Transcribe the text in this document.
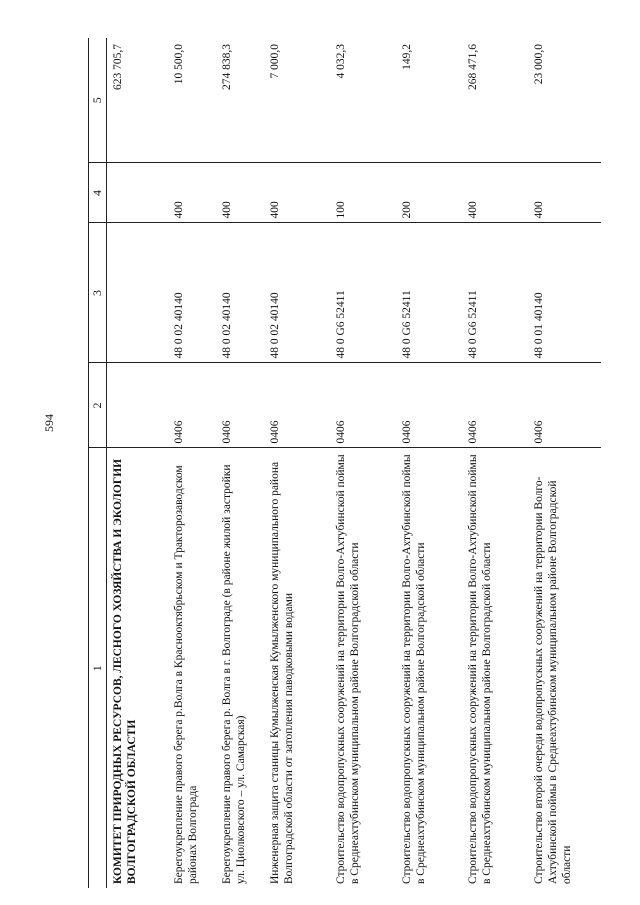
594
1	2	3	4	5
КОМИТЕТ ПРИРОДНЫХ РЕСУРСОВ, ЛЕСНОГО ХОЗЯЙСТВА И ЭКОЛОГИИ ВОЛГОГРАДСКОЙ ОБЛАСТИ				623 705,7
Берегоукрепление правого берега р.Волга в Краснооктябрьском и Тракторозаводском районах Волгограда	0406	48 0 02 40140	400	10 500,0
Берегоукрепление правого берега р. Волга в г. Волгограде (в районе жилой застройки ул. Циолковского – ул. Самарская)	0406	48 0 02 40140	400	274 838,3
Инженерная защита станицы Кумылженская Кумылженского муниципального района Волгоградской области от затопления паводковыми водами	0406	48 0 02 40140	400	7 000,0
Строительство водопропускных сооружений на территории Волго-Ахтубинской поймы в Среднеахтубинском муниципальном районе Волгоградской области	0406	48 0 G6 52411	100	4 032,3
Строительство водопропускных сооружений на территории Волго-Ахтубинской поймы в Среднеахтубинском муниципальном районе Волгоградской области	0406	48 0 G6 52411	200	149,2
Строительство водопропускных сооружений на территории Волго-Ахтубинской поймы в Среднеахтубинском муниципальном районе Волгоградской области	0406	48 0 G6 52411	400	268 471,6
Строительство второй очереди водопропускных сооружений на территории Волго-Ахтубинской поймы в Среднеахтубинском муниципальном районе Волгоградской области	0406	48 0 01 40140	400	23 000,0
